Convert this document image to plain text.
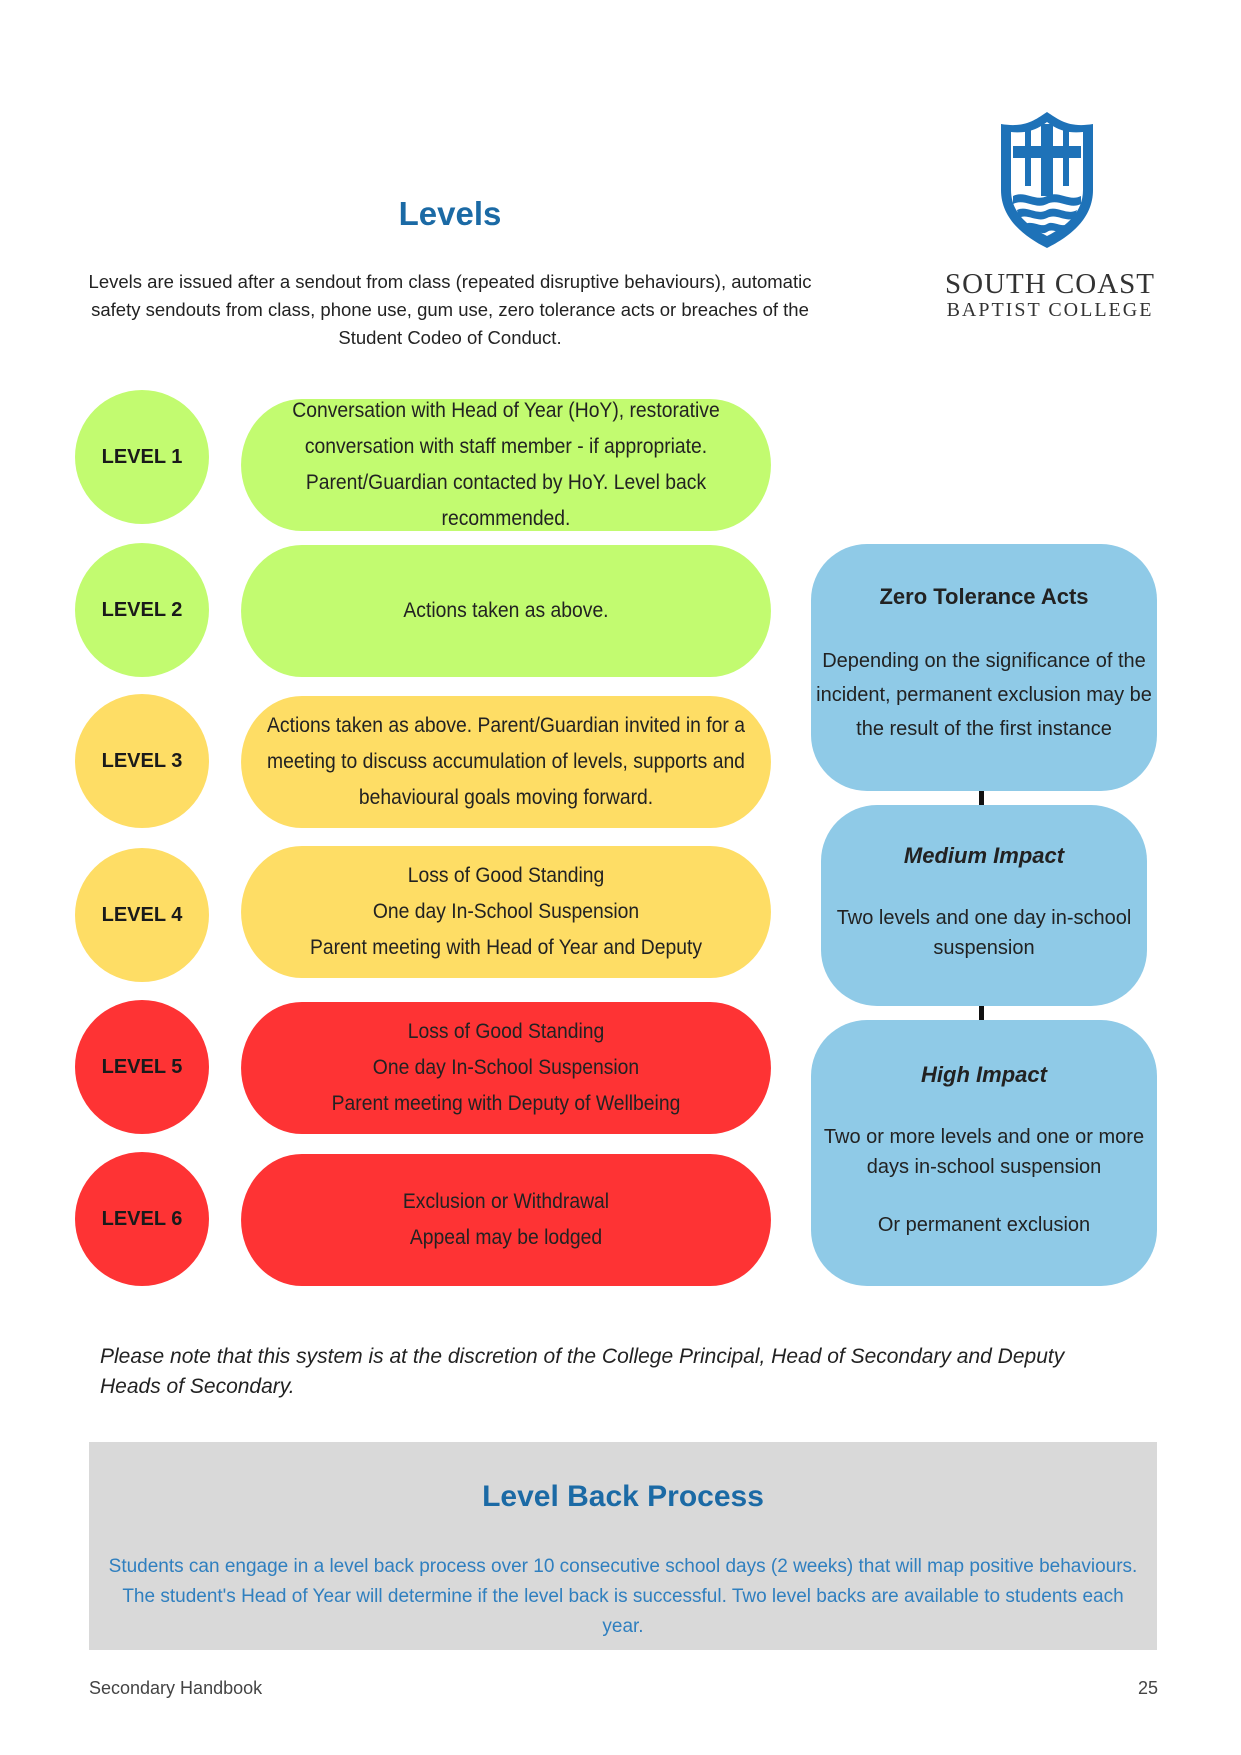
Levels
Levels are issued after a sendout from class (repeated disruptive behaviours), automatic safety sendouts from class, phone use, gum use, zero tolerance acts or breaches of the Student Codeo of Conduct.
SOUTH COAST
BAPTIST COLLEGE
LEVEL 1
LEVEL 2
LEVEL 3
LEVEL 4
LEVEL 5
LEVEL 6
Conversation with Head of Year (HoY), restorative
conversation with staff member - if appropriate.
Parent/Guardian contacted by HoY. Level back recommended.
Actions taken as above.
Actions taken as above. Parent/Guardian invited in for a
meeting to discuss accumulation of levels, supports and
behavioural goals moving forward.
Loss of Good Standing
One day In-School Suspension
Parent meeting with Head of Year and Deputy
Loss of Good Standing
One day In-School Suspension
Parent meeting with Deputy of Wellbeing
Exclusion or Withdrawal
Appeal may be lodged
Zero Tolerance Acts
Depending on the significance of the
incident, permanent exclusion may be
the result of the first instance
Medium Impact
Two levels and one day in-school
suspension
High Impact
Two or more levels and one or more
days in-school suspension
Or permanent exclusion
Please note that this system is at the discretion of the College Principal, Head of Secondary and Deputy Heads of Secondary.
Level Back Process
Students can engage in a level back process over 10 consecutive school days (2 weeks) that will map positive behaviours. The student's Head of Year will determine if the level back is successful. Two level backs are available to students each year.
Secondary Handbook	25
